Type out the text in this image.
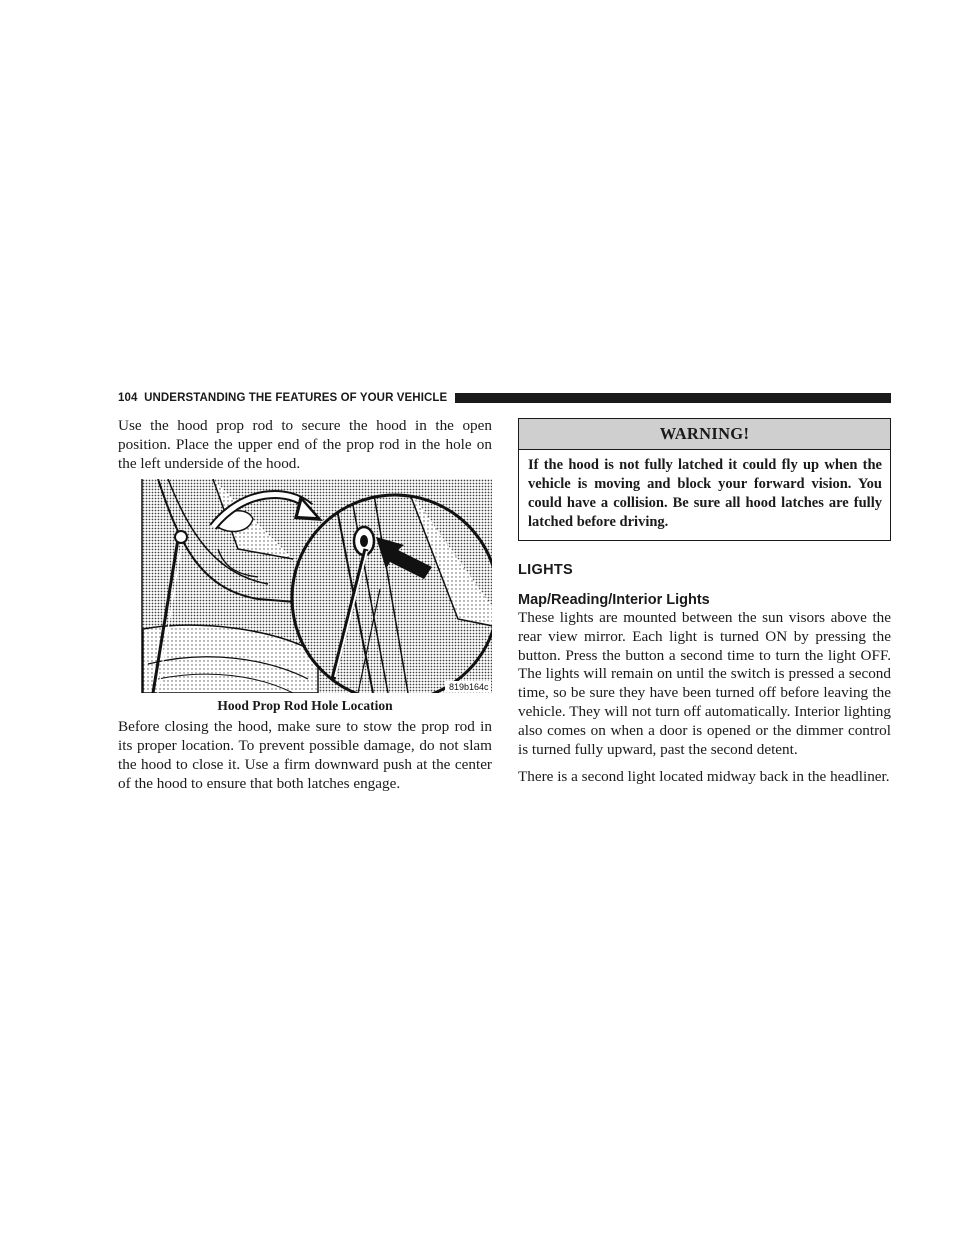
104 UNDERSTANDING THE FEATURES OF YOUR VEHICLE

Use the hood prop rod to secure the hood in the open position. Place the upper end of the prop rod in the hole on the left underside of the hood.

819b164c
Hood Prop Rod Hole Location

Before closing the hood, make sure to stow the prop rod in its proper location. To prevent possible damage, do not slam the hood to close it. Use a firm downward push at the center of the hood to ensure that both latches engage.

WARNING!
If the hood is not fully latched it could fly up when the vehicle is moving and block your forward vision. You could have a collision. Be sure all hood latches are fully latched before driving.
LIGHTS
Map/Reading/Interior Lights

These lights are mounted between the sun visors above the rear view mirror. Each light is turned ON by pressing the button. Press the button a second time to turn the light OFF. The lights will remain on until the switch is pressed a second time, so be sure they have been turned off before leaving the vehicle. They will not turn off automatically. Interior lighting also comes on when a door is opened or the dimmer control is turned fully upward, past the second detent.

There is a second light located midway back in the headliner.
